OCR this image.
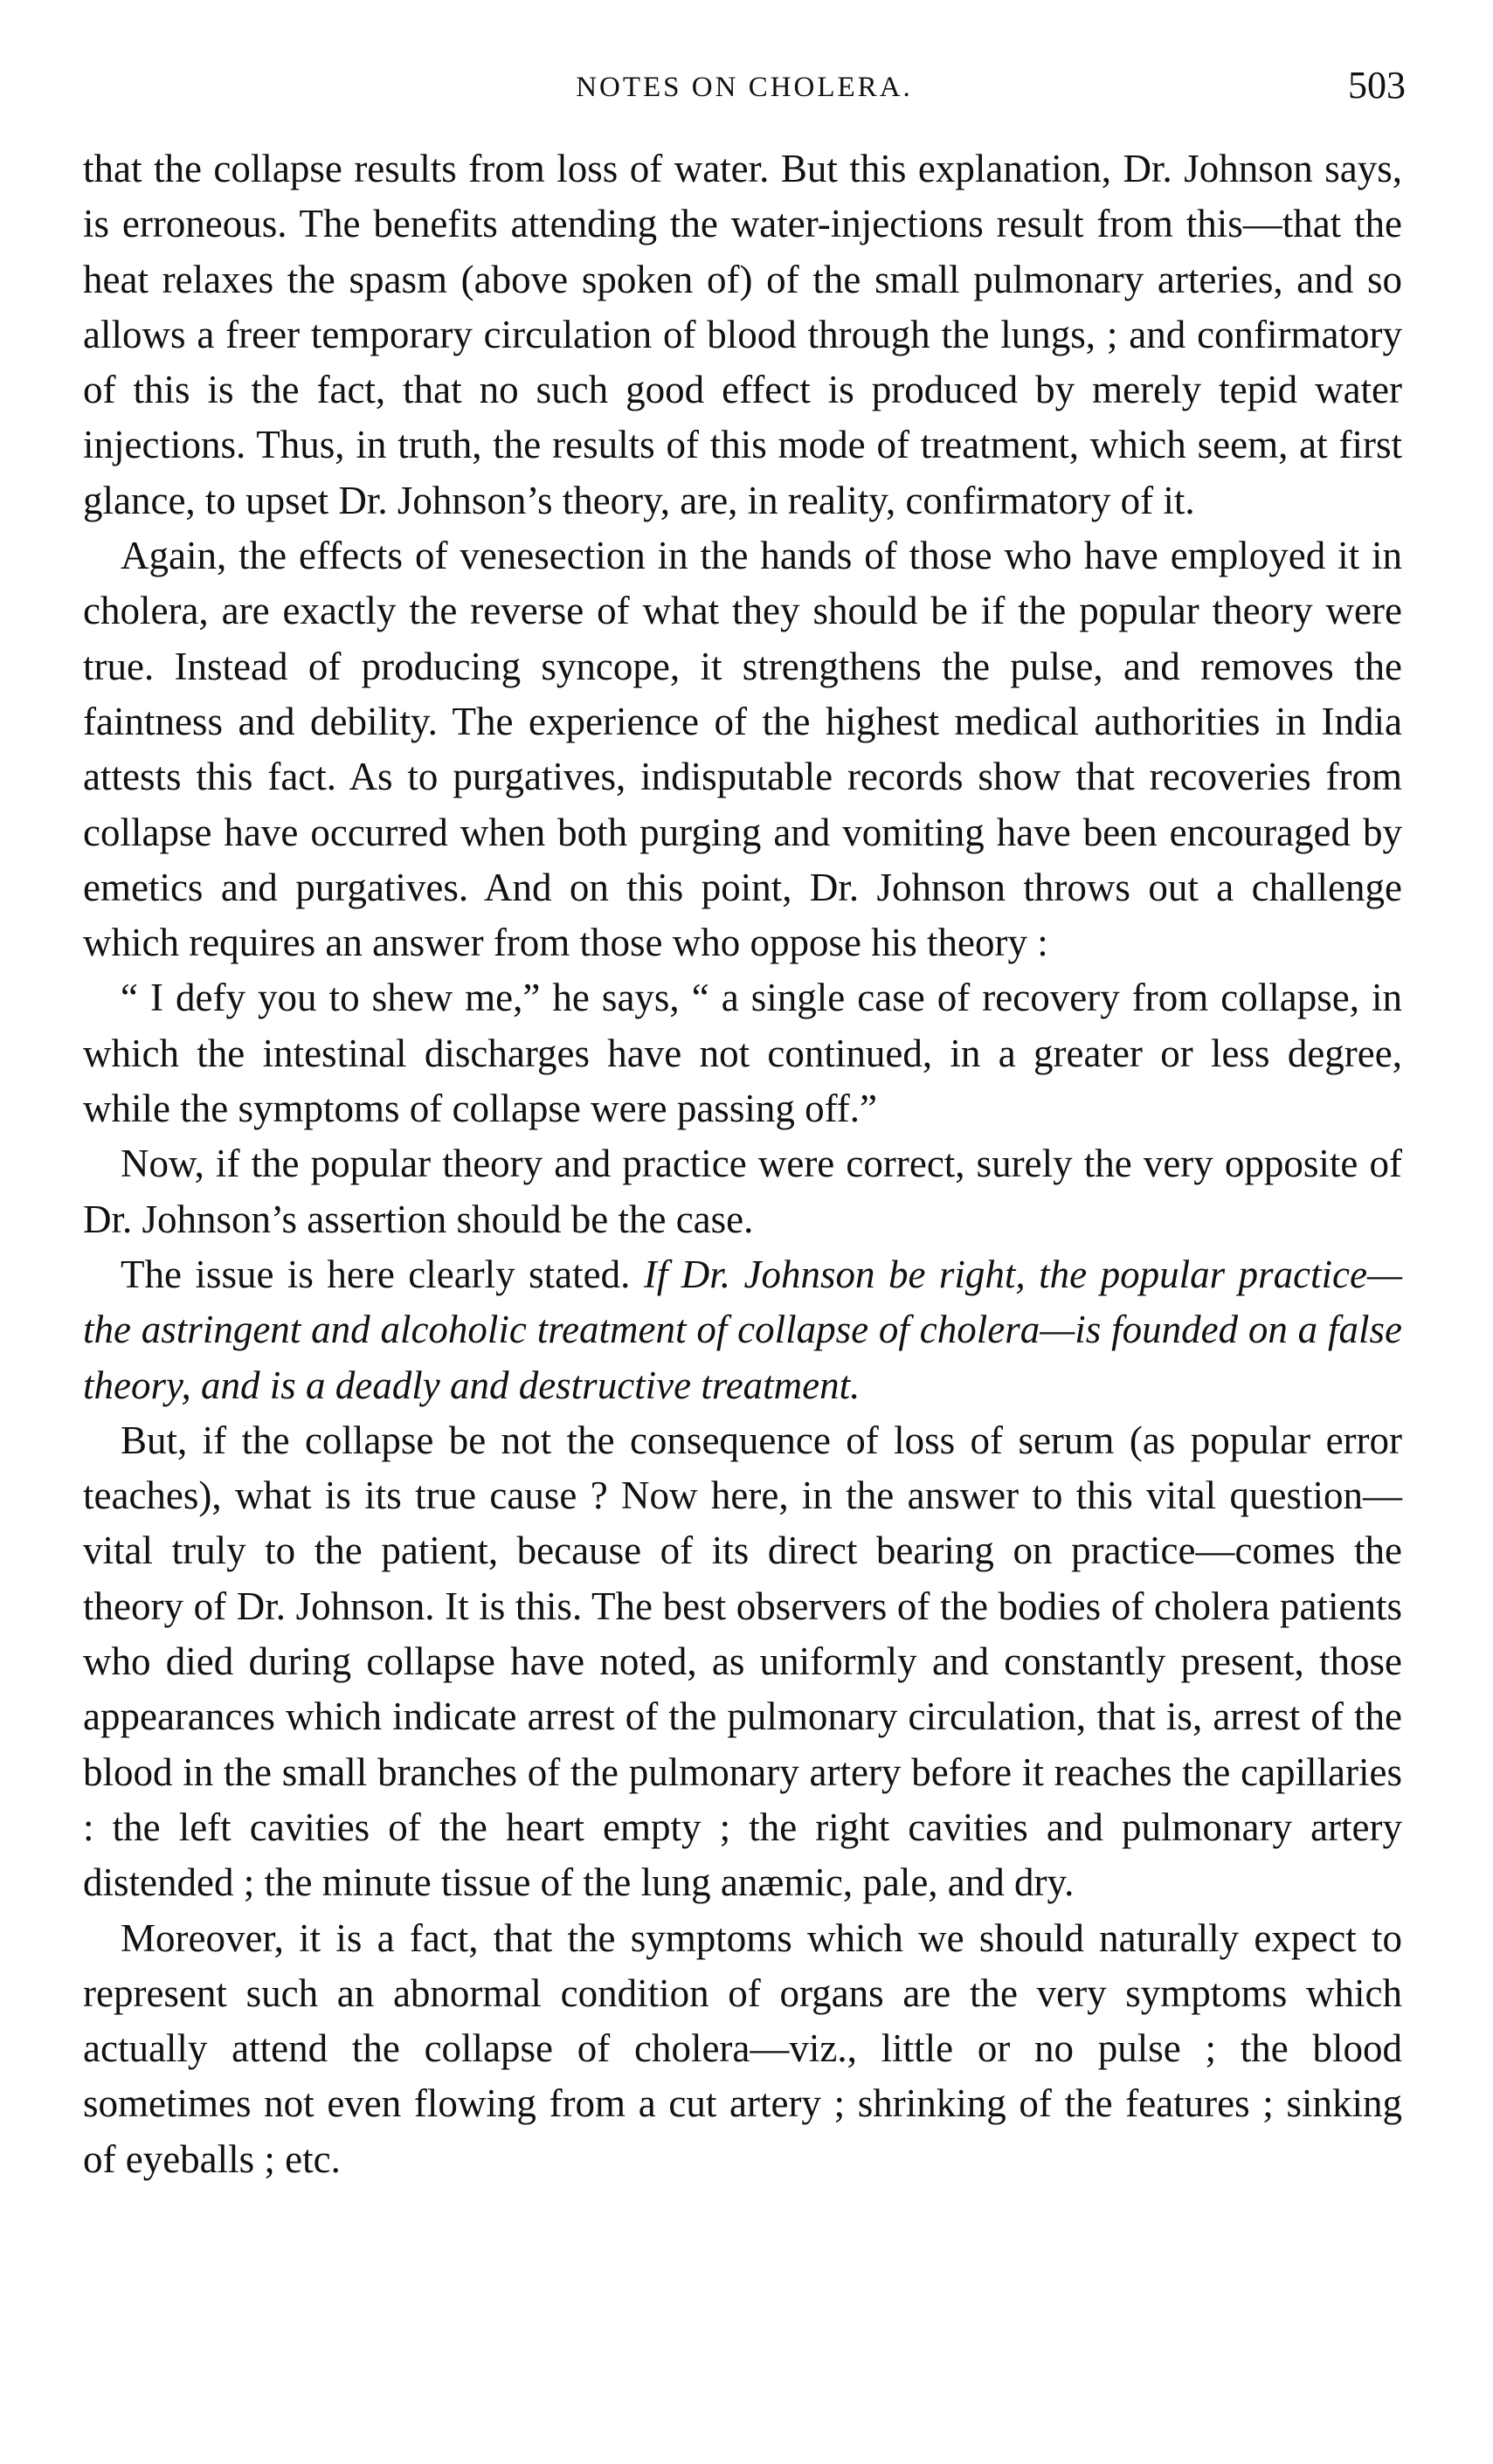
NOTES ON CHOLERA.	503

that the collapse results from loss of water. But this explanation, Dr. Johnson says, is erroneous. The benefits attending the water-injections result from this—that the heat relaxes the spasm (above spoken of) of the small pulmonary arteries, and so allows a freer temporary circulation of blood through the lungs, ; and confirmatory of this is the fact, that no such good effect is produced by merely tepid water injections. Thus, in truth, the results of this mode of treatment, which seem, at first glance, to upset Dr. Johnson’s theory, are, in reality, confirmatory of it.

Again, the effects of venesection in the hands of those who have employed it in cholera, are exactly the reverse of what they should be if the popular theory were true. Instead of producing syncope, it strengthens the pulse, and removes the faintness and debility. The experience of the highest medical authorities in India attests this fact. As to purgatives, indisputable records show that recoveries from collapse have occurred when both purging and vomiting have been encouraged by emetics and purgatives. And on this point, Dr. Johnson throws out a challenge which requires an answer from those who oppose his theory :

“ I defy you to shew me,” he says, “ a single case of recovery from collapse, in which the intestinal discharges have not continued, in a greater or less degree, while the symptoms of collapse were passing off.”

Now, if the popular theory and practice were correct, surely the very opposite of Dr. Johnson’s assertion should be the case.

The issue is here clearly stated. If Dr. Johnson be right, the popular practice—the astringent and alcoholic treatment of collapse of cholera—is founded on a false theory, and is a deadly and destructive treatment.

But, if the collapse be not the consequence of loss of serum (as popular error teaches), what is its true cause ? Now here, in the answer to this vital question—vital truly to the patient, because of its direct bearing on practice—comes the theory of Dr. Johnson. It is this. The best observers of the bodies of cholera patients who died during collapse have noted, as uniformly and constantly present, those appearances which indicate arrest of the pulmonary circulation, that is, arrest of the blood in the small branches of the pulmonary artery before it reaches the capillaries : the left cavities of the heart empty ; the right cavities and pulmonary artery distended ; the minute tissue of the lung anæmic, pale, and dry.

Moreover, it is a fact, that the symptoms which we should naturally expect to represent such an abnormal condition of organs are the very symptoms which actually attend the collapse of cholera—viz., little or no pulse ; the blood sometimes not even flowing from a cut artery ; shrinking of the features ; sinking of eyeballs ; etc.
